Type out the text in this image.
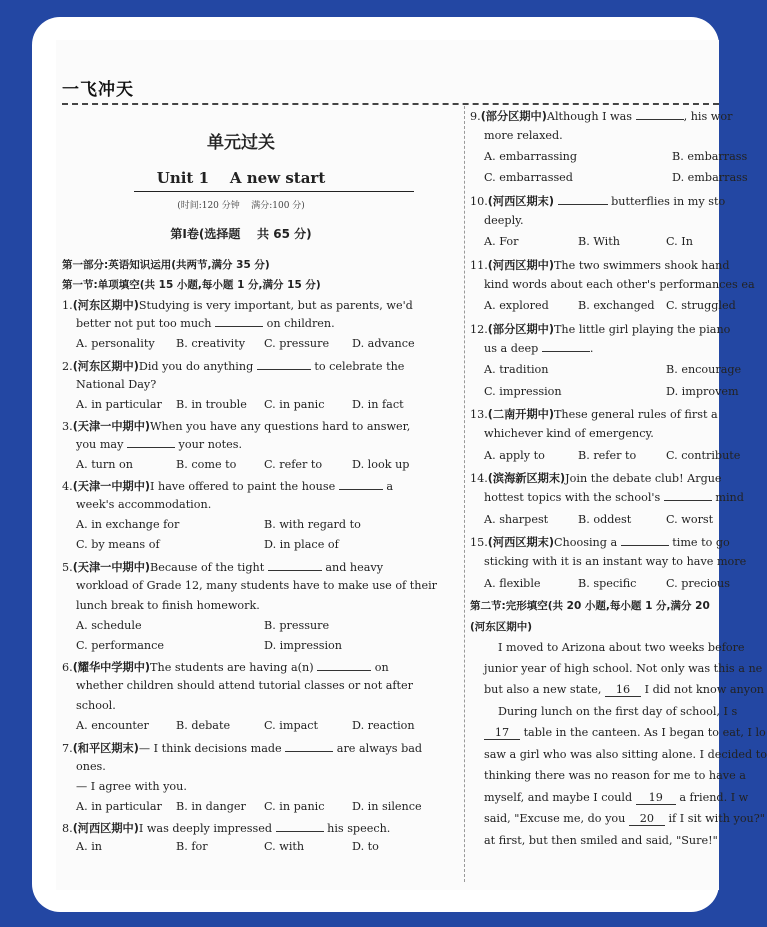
一飞冲天
单元过关
Unit 1    A new start
(时间:120 分钟    满分:100 分)
第Ⅰ卷(选择题    共 65 分)
第一部分:英语知识运用(共两节,满分 35 分)
第一节:单项填空(共 15 小题,每小题 1 分,满分 15 分)
1.(河东区期中)Studying is very important, but as parents, we'd
better not put too much	on children.
A. personality B. creativity C. pressure D. advance
2.(河东区期中)Did you do anything	to celebrate the
National Day?
A. in particular B. in trouble C. in panic D. in fact
3.(天津一中期中)When you have any questions hard to answer,
you may	your notes.
A. turn on	B. come to C. refer to	D. look up
4.(天津一中期中)I have offered to paint the house	a
week's accommodation.
A. in exchange for	B. with regard to
C. by means of	D. in place of
5.(天津一中期中)Because of the tight	and heavy
workload of Grade 12, many students have to make use of their
lunch break to finish homework.
A. schedule	B. pressure
C. performance	D. impression
6.(耀华中学期中)The students are having a(n)	on
whether children should attend tutorial classes or not after
school.
A. encounter B. debate	C. impact	D. reaction
7.(和平区期末)— I think decisions made	are always bad
ones.
— I agree with you.
A. in particular B. in danger C. in panic D. in silence
8.(河西区期中)I was deeply impressed	his speech.
A. in	B. for	C. with	D. to
9.(部分区期中)Although I was	, his wor
more relaxed.
A. embarrassing	B. embarrass
C. embarrassed	D. embarrass
10.(河西区期末)	butterflies in my sto
deeply.
A. For	B. With	C. In
11.(河西区期中)The two swimmers shook hand
kind words about each other's performances ea
A. explored	B. exchanged C. struggled
12.(部分区期中)The little girl playing the piano
us a deep	.
A. tradition	B. encourage
C. impression	D. improvem
13.(二南开期中)These general rules of first a
whichever kind of emergency.
A. apply to	B. refer to	C. contribute
14.(滨海新区期末)Join the debate club! Argue
hottest topics with the school's	mind
A. sharpest	B. oddest	C. worst
15.(河西区期末)Choosing a	time to go
sticking with it is an instant way to have more
A. flexible	B. specific	C. precious
第二节:完形填空(共 20 小题,每小题 1 分,满分 20
(河东区期中)
I moved to Arizona about two weeks before
junior year of high school. Not only was this a ne
but also a new state, 16 I did not know anyon
During lunch on the first day of school, I s
17 table in the canteen. As I began to eat, I lo
saw a girl who was also sitting alone. I decided to
thinking there was no reason for me to have a
myself, and maybe I could 19 a friend. I w
said, "Excuse me, do you 20 if I sit with you?"
at first, but then smiled and said, "Sure!"
